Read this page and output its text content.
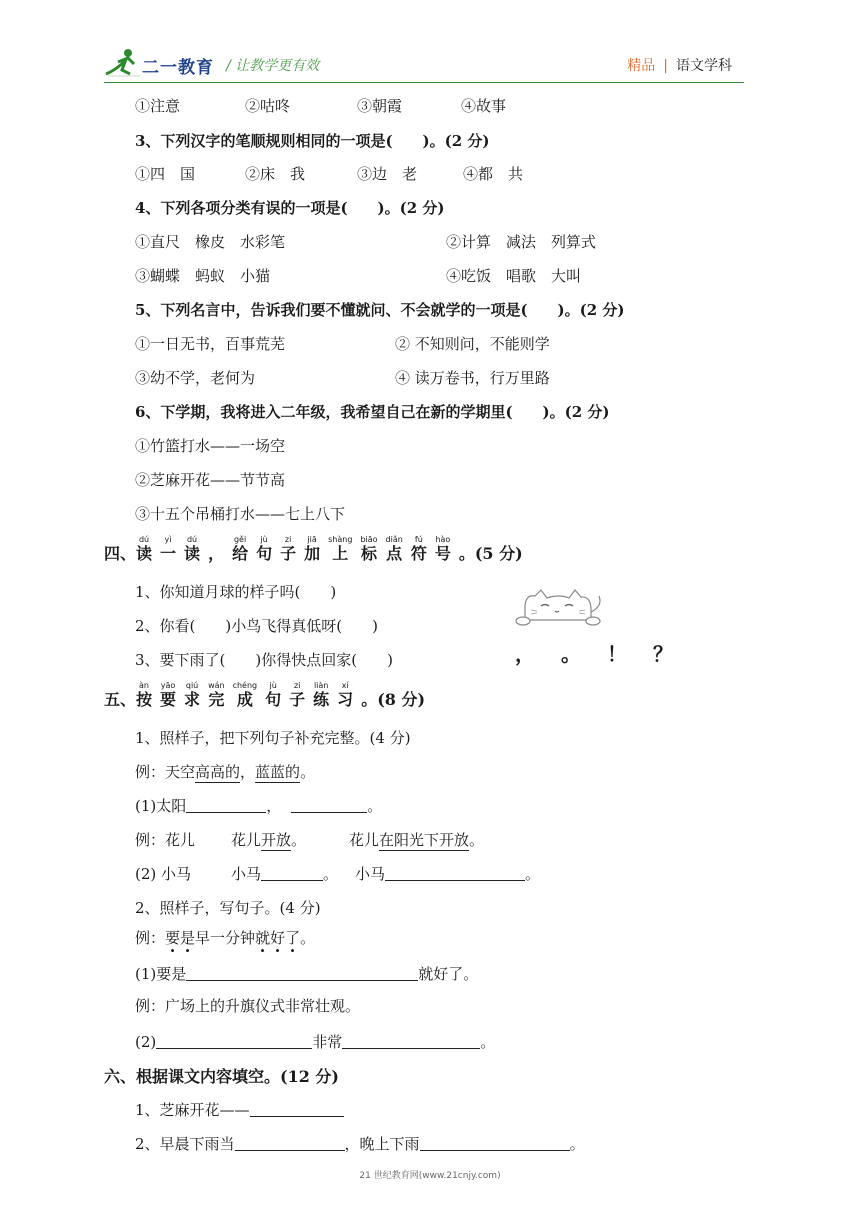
二一教育 / 让教学更有效	精品 | 语文学科
①注意	②咕咚	③朝霞	④故事
3、下列汉字的笔顺规则相同的一项是(　　)。(2 分)
①四　国	②床　我	③边　老	④都　共
4、下列各项分类有误的一项是(　　)。(2 分)
①直尺　橡皮　水彩笔	②计算　减法　列算式
③蝴蝶　蚂蚁　小猫	④吃饭　唱歌　大叫
5、下列名言中，告诉我们要不懂就问、不会就学的一项是(　　)。(2 分)
①一日无书，百事荒芜	② 不知则问，不能则学
③幼不学，老何为	④ 读万卷书，行万里路
6、下学期，我将进入二年级，我希望自己在新的学期里(　　)。(2 分)
①竹篮打水——一场空
②芝麻开花——节节高
③十五个吊桶打水——七上八下
四、读dú一yì读dú， 给gěi句jù子zi加jiā上shàng标biāo点diǎn符fú号hào。(5 分)
1、你知道月球的样子吗(　　)
2、你看(　　)小鸟飞得真低呀(　　)
3、要下雨了(　　)你得快点回家(　　)	， 。 ！ ？
五、按àn要yāo求qiú完wán成chéng句jù子zi练liàn习xí。(8 分)
1、照样子，把下列句子补充完整。(4 分)
例：天空高高的，蓝蓝的。
(1)太阳	，	。
例：花儿 花儿开放。	花儿在阳光下开放。
(2) 小马	小马	。 小马	。
2、照样子，写句子。(4 分)
例：要是早一分钟就好了。
(1)要是	就好了。
例：广场上的升旗仪式非常壮观。
(2)	非常	。
六、根据课文内容填空。(12 分)
1、芝麻开花——
2、早晨下雨当	，晚上下雨	。
21 世纪教育网(www.21cnjy.com)
